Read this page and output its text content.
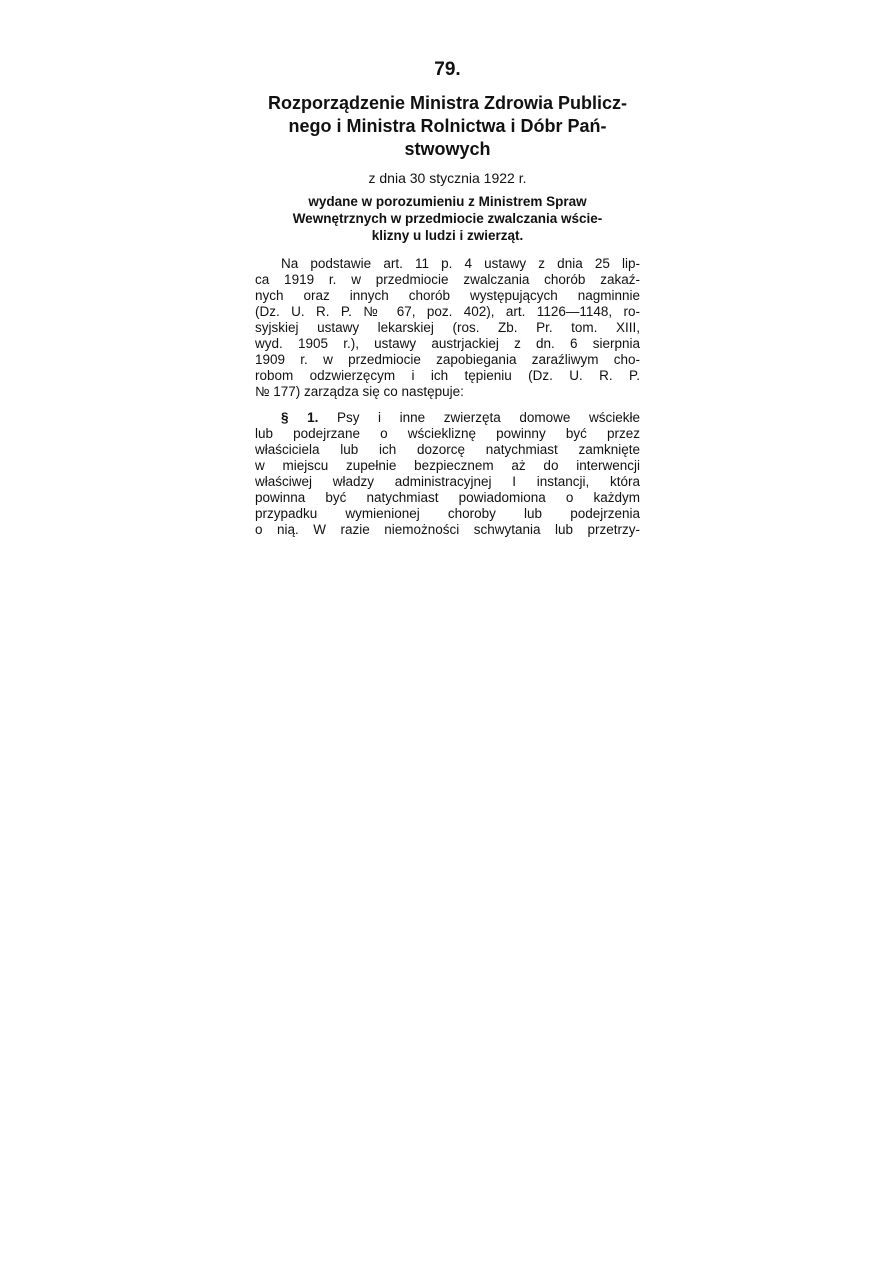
79.
Rozporządzenie Ministra Zdrowia Publicz-
nego i Ministra Rolnictwa i Dóbr Pań-
stwowych
z dnia 30 stycznia 1922 r.
wydane w porozumieniu z Ministrem Spraw
Wewnętrznych w przedmiocie zwalczania wście-
klizny u ludzi i zwierząt.
Na podstawie art. 11 p. 4 ustawy z dnia 25 lip-
ca 1919 r. w przedmiocie zwalczania chorób zakaź-
nych oraz innych chorób występujących nagminnie
(Dz. U. R. P. № 67, poz. 402), art. 1126—1148, ro-
syjskiej ustawy lekarskiej (ros. Zb. Pr. tom. XIII,
wyd. 1905 r.), ustawy austrjackiej z dn. 6 sierpnia
1909 r. w przedmiocie zapobiegania zaraźliwym cho-
robom odzwierzęcym i ich tępieniu (Dz. U. R. P.
№ 177) zarządza się co następuje:
§ 1. Psy i inne zwierzęta domowe wściekłe
lub podejrzane o wściekliznę powinny być przez
właściciela lub ich dozorcę natychmiast zamknięte
w miejscu zupełnie bezpiecznem aż do interwencji
właściwej władzy administracyjnej I instancji, która
powinna być natychmiast powiadomiona o każdym
przypadku wymienionej choroby lub podejrzenia
o nią. W razie niemożności schwytania lub przetrzy-
